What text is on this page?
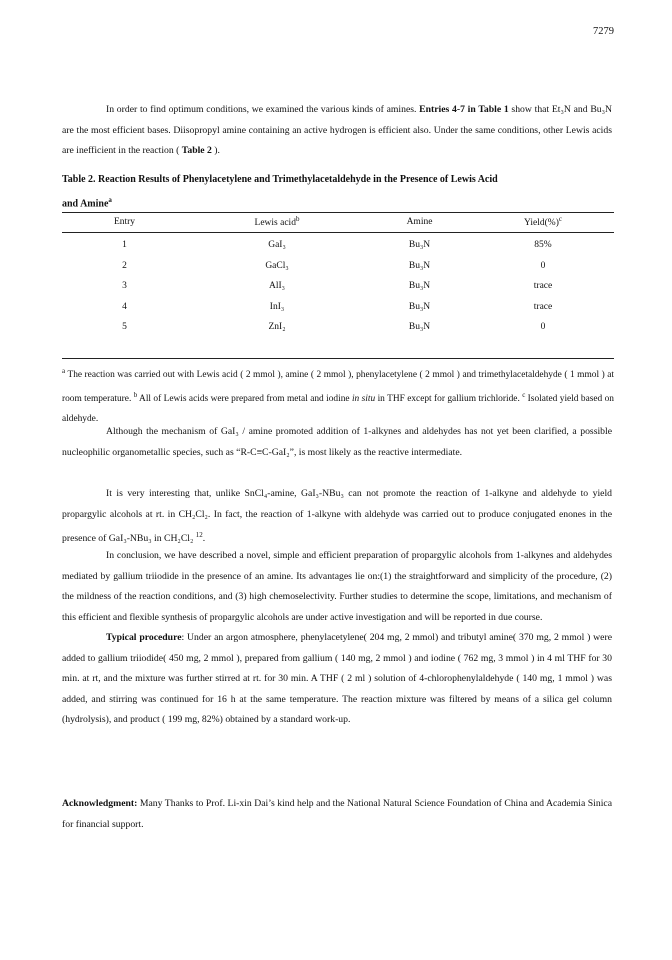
7279
In order to find optimum conditions, we examined the various kinds of amines. Entries 4-7 in Table 1 show that Et₃N and Bu₃N are the most efficient bases. Diisopropyl amine containing an active hydrogen is efficient also. Under the same conditions, other Lewis acids are inefficient in the reaction ( Table 2 ).
Table 2. Reaction Results of Phenylacetylene and Trimethylacetaldehyde in the Presence of Lewis Acid
and Amine$^a$
Entry	Lewis acid$^b$	Amine	Yield(%)$^c$

1	GaI₃	Bu₃N	85%
2	GaCl₃	Bu₃N	0
3	AlI₃	Bu₃N	trace
4	InI₃	Bu₃N	trace
5	ZnI₂	Bu₃N	0
$^a$ The reaction was carried out with Lewis acid ( 2 mmol ), amine ( 2 mmol ), phenylacetylene ( 2 mmol ) and trimethylacetaldehyde ( 1 mmol ) at room temperature. $^b$ All of Lewis acids were prepared from metal and iodine in situ in THF except for gallium trichloride. $^c$ Isolated yield based on aldehyde.
Although the mechanism of GaI₃ / amine promoted addition of 1-alkynes and aldehydes has not yet been clarified, a possible nucleophilic organometallic species, such as “R-C≡C-GaI₂”, is most likely as the reactive intermediate.
It is very interesting that, unlike SnCl₄-amine, GaI₃-NBu₃ can not promote the reaction of 1-alkyne and aldehyde to yield propargylic alcohols at rt. in CH₂Cl₂. In fact, the reaction of 1-alkyne with aldehyde was carried out to produce conjugated enones in the presence of GaI₃-NBu₃ in CH₂Cl₂ $^{12}$.
In conclusion, we have described a novel, simple and efficient preparation of propargylic alcohols from 1-alkynes and aldehydes mediated by gallium triiodide in the presence of an amine. Its advantages lie on:(1) the straightforward and simplicity of the procedure, (2) the mildness of the reaction conditions, and (3) high chemoselectivity. Further studies to determine the scope, limitations, and mechanism of this efficient and flexible synthesis of propargylic alcohols are under active investigation and will be reported in due course.
Typical procedure: Under an argon atmosphere, phenylacetylene( 204 mg, 2 mmol) and tributyl amine( 370 mg, 2 mmol ) were added to gallium triiodide( 450 mg, 2 mmol ), prepared from gallium ( 140 mg, 2 mmol ) and iodine ( 762 mg, 3 mmol ) in 4 ml THF for 30 min. at rt, and the mixture was further stirred at rt. for 30 min. A THF ( 2 ml ) solution of 4-chlorophenylaldehyde ( 140 mg, 1 mmol ) was added, and stirring was continued for 16 h at the same temperature. The reaction mixture was filtered by means of a silica gel column (hydrolysis), and product ( 199 mg, 82%) obtained by a standard work-up.
Acknowledgment: Many Thanks to Prof. Li-xin Dai’s kind help and the National Natural Science Foundation of China and Academia Sinica for financial support.
